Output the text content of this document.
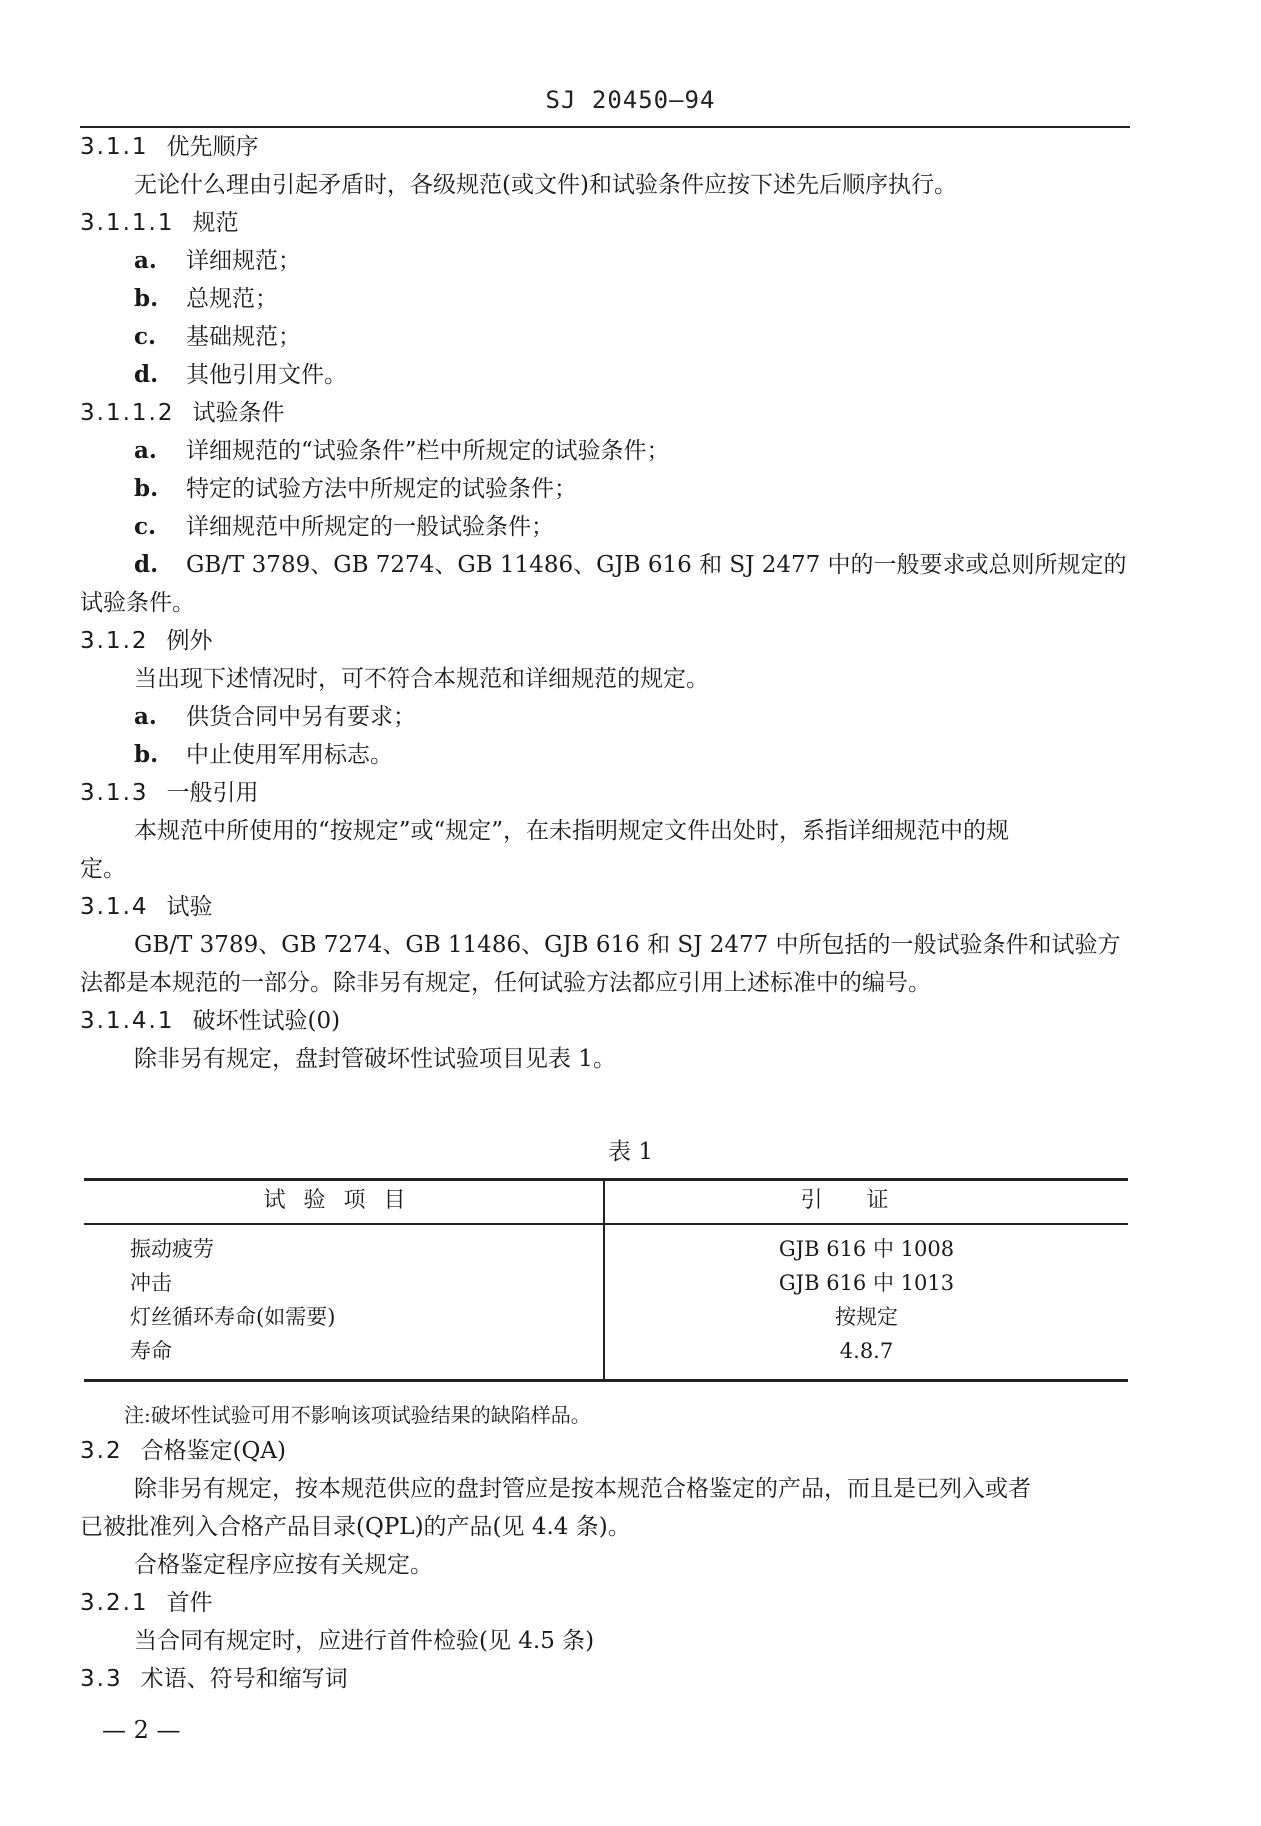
SJ 20450—94
3.1.1 优先顺序
无论什么理由引起矛盾时，各级规范(或文件)和试验条件应按下述先后顺序执行。
3.1.1.1 规范
a. 详细规范；
b. 总规范；
c. 基础规范；
d. 其他引用文件。
3.1.1.2 试验条件
a. 详细规范的“试验条件”栏中所规定的试验条件；
b. 特定的试验方法中所规定的试验条件；
c. 详细规范中所规定的一般试验条件；
d. GB/T 3789、GB 7274、GB 11486、GJB 616 和 SJ 2477 中的一般要求或总则所规定的
试验条件。
3.1.2 例外
当出现下述情况时，可不符合本规范和详细规范的规定。
a. 供货合同中另有要求；
b. 中止使用军用标志。
3.1.3 一般引用
本规范中所使用的“按规定”或“规定”，在未指明规定文件出处时，系指详细规范中的规
定。
3.1.4 试验
GB/T 3789、GB 7274、GB 11486、GJB 616 和 SJ 2477 中所包括的一般试验条件和试验方
法都是本规范的一部分。除非另有规定，任何试验方法都应引用上述标准中的编号。
3.1.4.1 破坏性试验(0)
除非另有规定，盘封管破坏性试验项目见表 1。
表 1
试验项目	引证
振动疲劳	GJB 616 中 1008
冲击	GJB 616 中 1013
灯丝循环寿命(如需要)	按规定
寿命	4.8.7
注:破坏性试验可用不影响该项试验结果的缺陷样品。
3.2 合格鉴定(QA)
除非另有规定，按本规范供应的盘封管应是按本规范合格鉴定的产品，而且是已列入或者
已被批准列入合格产品目录(QPL)的产品(见 4.4 条)。
合格鉴定程序应按有关规定。
3.2.1 首件
当合同有规定时，应进行首件检验(见 4.5 条)
3.3 术语、符号和缩写词
— 2 —
